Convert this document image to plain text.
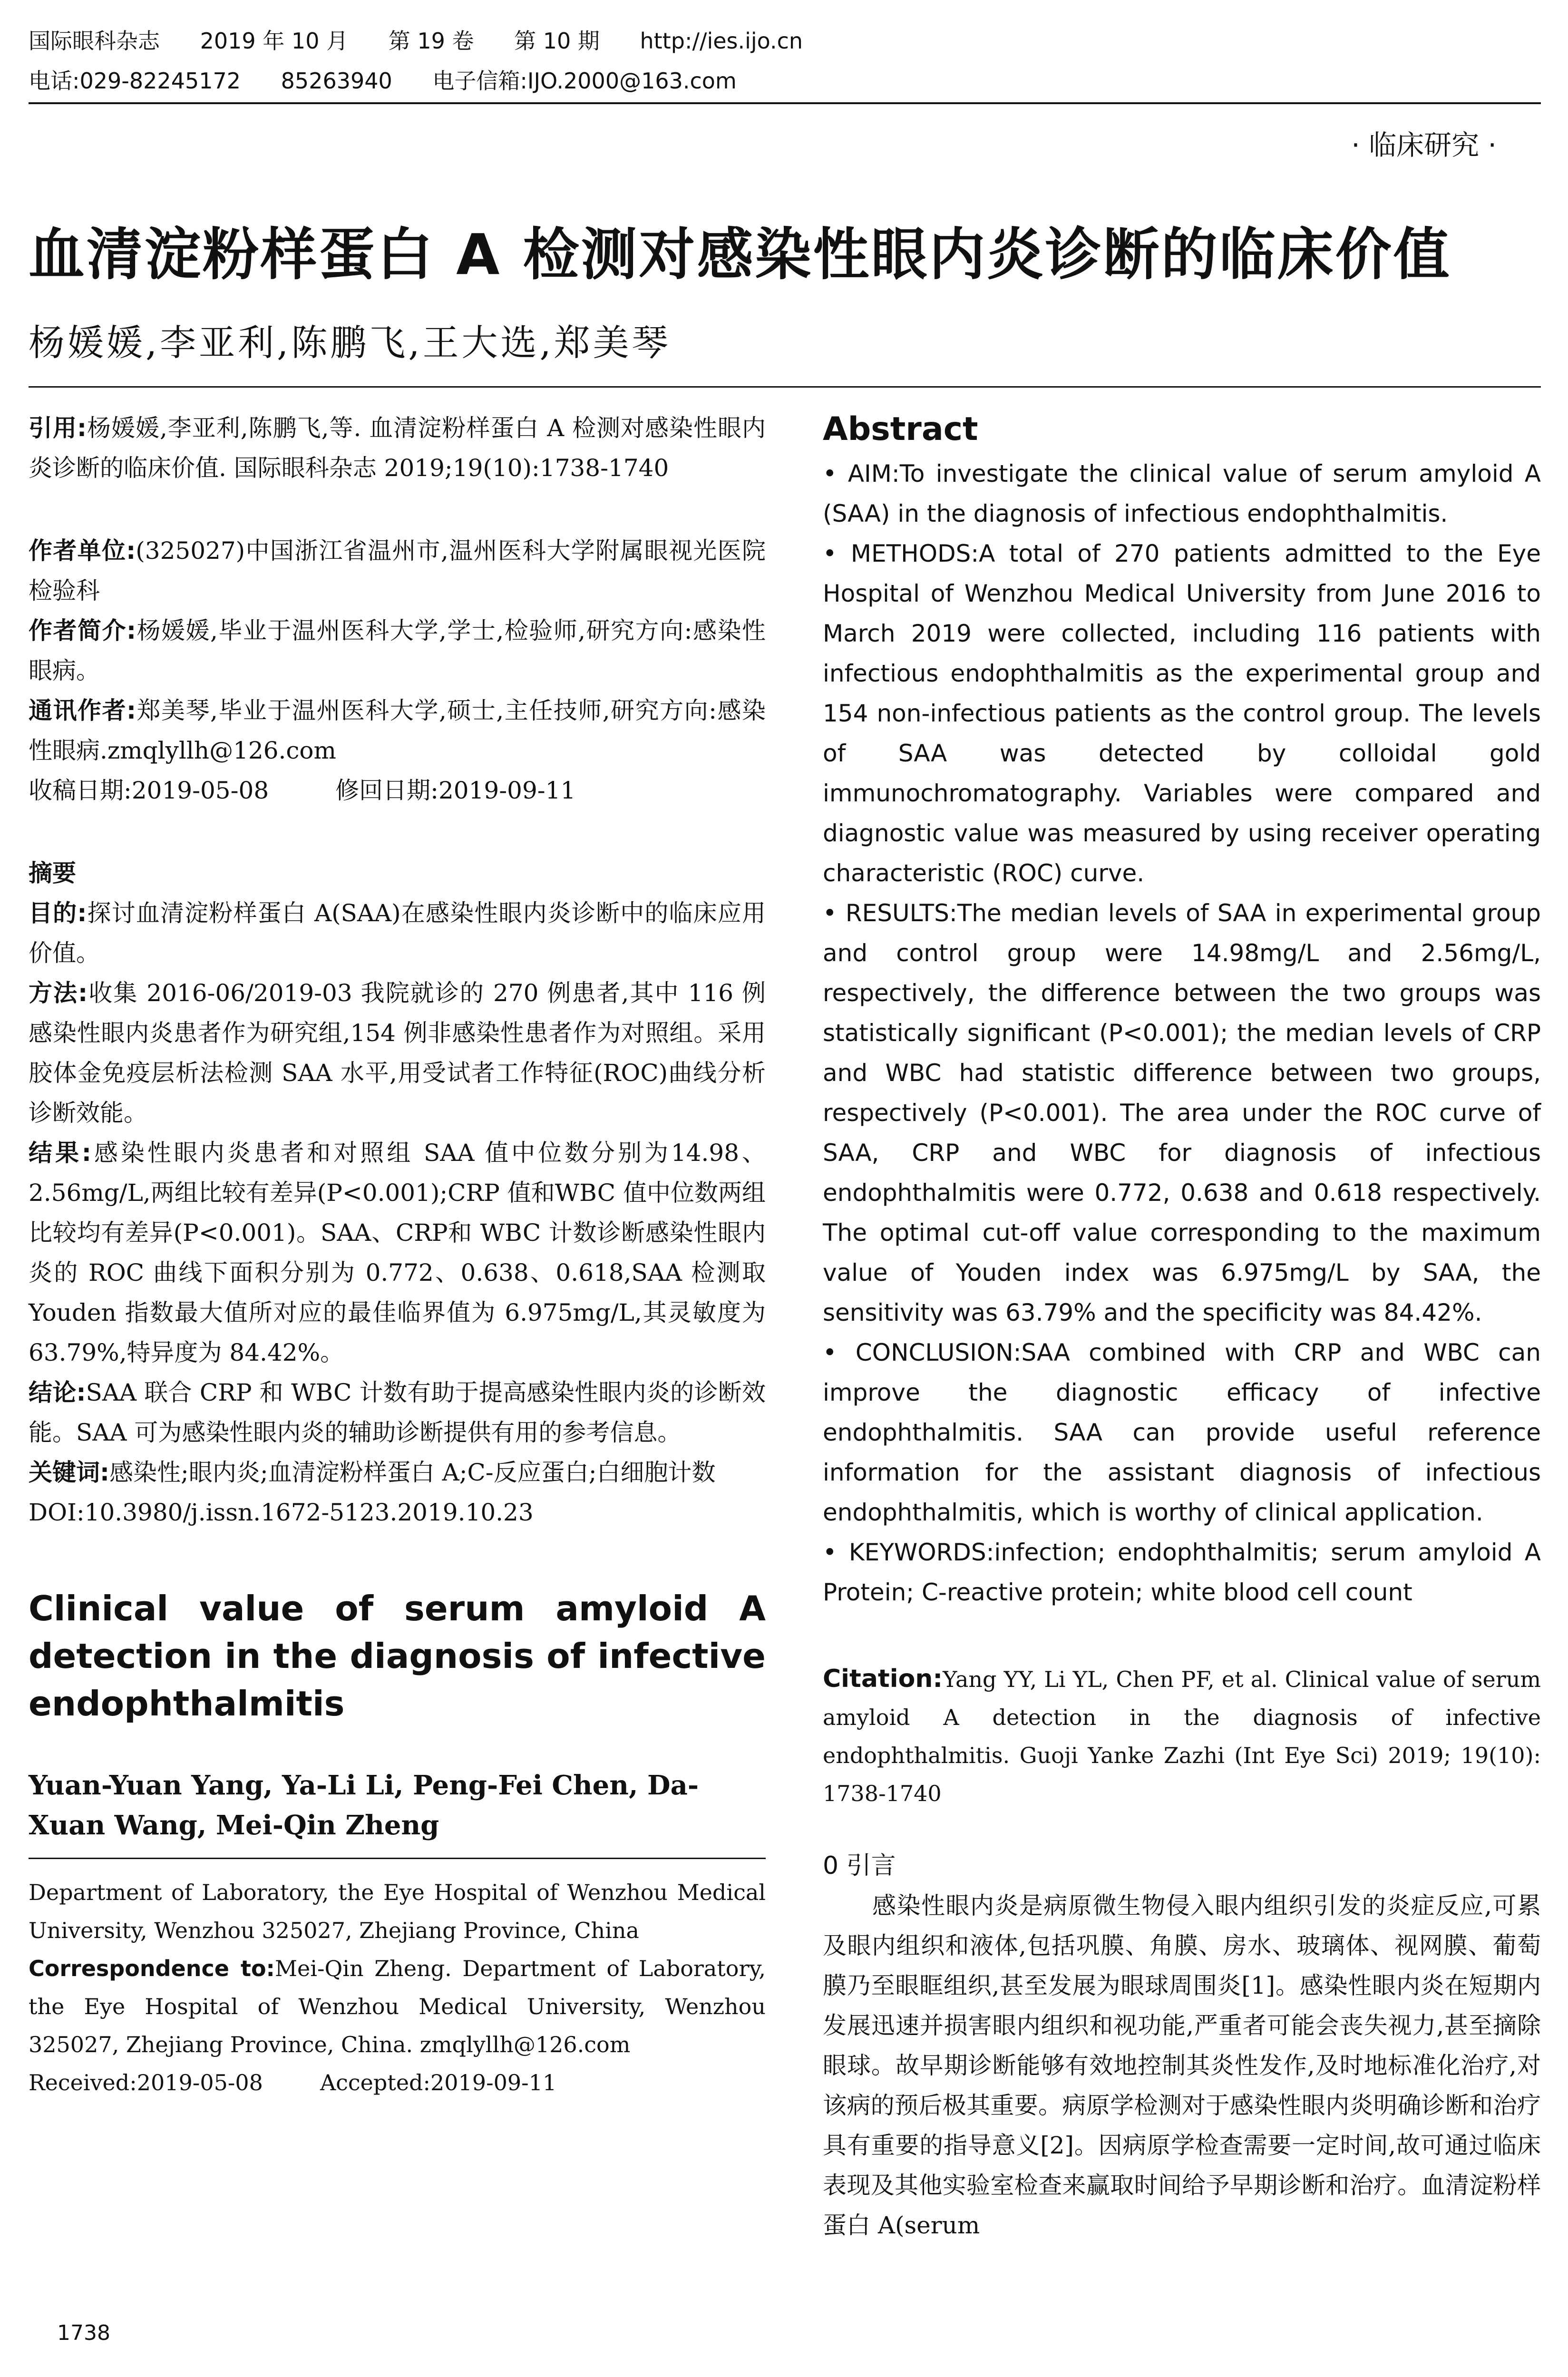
国际眼科杂志 2019 年 10 月 第 19 卷 第 10 期 http://ies.ijo.cn
电话:029-82245172 85263940 电子信箱:IJO.2000@163.com
· 临床研究 ·
血清淀粉样蛋白 A 检测对感染性眼内炎诊断的临床价值
杨媛媛,李亚利,陈鹏飞,王大选,郑美琴

引用:杨媛媛,李亚利,陈鹏飞,等. 血清淀粉样蛋白 A 检测对感染性眼内炎诊断的临床价值. 国际眼科杂志 2019;19(10):1738-1740

作者单位:(325027)中国浙江省温州市,温州医科大学附属眼视光医院检验科

作者简介:杨媛媛,毕业于温州医科大学,学士,检验师,研究方向:感染性眼病。

通讯作者:郑美琴,毕业于温州医科大学,硕士,主任技师,研究方向:感染性眼病.zmqlyllh@126.com

收稿日期:2019-05-08	修回日期:2019-09-11

摘要

目的:探讨血清淀粉样蛋白 A(SAA)在感染性眼内炎诊断中的临床应用价值。

方法:收集 2016-06/2019-03 我院就诊的 270 例患者,其中 116 例感染性眼内炎患者作为研究组,154 例非感染性患者作为对照组。采用胶体金免疫层析法检测 SAA 水平,用受试者工作特征(ROC)曲线分析诊断效能。

结果:感染性眼内炎患者和对照组 SAA 值中位数分别为14.98、2.56mg/L,两组比较有差异(P<0.001);CRP 值和WBC 值中位数两组比较均有差异(P<0.001)。SAA、CRP和 WBC 计数诊断感染性眼内炎的 ROC 曲线下面积分别为 0.772、0.638、0.618,SAA 检测取 Youden 指数最大值所对应的最佳临界值为 6.975mg/L,其灵敏度为 63.79%,特异度为 84.42%。

结论:SAA 联合 CRP 和 WBC 计数有助于提高感染性眼内炎的诊断效能。SAA 可为感染性眼内炎的辅助诊断提供有用的参考信息。

关键词:感染性;眼内炎;血清淀粉样蛋白 A;C-反应蛋白;白细胞计数

DOI:10.3980/j.issn.1672-5123.2019.10.23

Clinical value of serum amyloid A detection in the diagnosis of infective endophthalmitis

Yuan-Yuan Yang, Ya-Li Li, Peng-Fei Chen, Da-Xuan Wang, Mei-Qin Zheng

Department of Laboratory, the Eye Hospital of Wenzhou Medical University, Wenzhou 325027, Zhejiang Province, China

Correspondence to:Mei-Qin Zheng. Department of Laboratory, the Eye Hospital of Wenzhou Medical University, Wenzhou 325027, Zhejiang Province, China. zmqlyllh@126.com

Received:2019-05-08	Accepted:2019-09-11

Abstract

• AIM:To investigate the clinical value of serum amyloid A (SAA) in the diagnosis of infectious endophthalmitis.

• METHODS:A total of 270 patients admitted to the Eye Hospital of Wenzhou Medical University from June 2016 to March 2019 were collected, including 116 patients with infectious endophthalmitis as the experimental group and 154 non-infectious patients as the control group. The levels of SAA was detected by colloidal gold immunochromatography. Variables were compared and diagnostic value was measured by using receiver operating characteristic (ROC) curve.

• RESULTS:The median levels of SAA in experimental group and control group were 14.98mg/L and 2.56mg/L, respectively, the difference between the two groups was statistically significant (P<0.001); the median levels of CRP and WBC had statistic difference between two groups, respectively (P<0.001). The area under the ROC curve of SAA, CRP and WBC for diagnosis of infectious endophthalmitis were 0.772, 0.638 and 0.618 respectively. The optimal cut-off value corresponding to the maximum value of Youden index was 6.975mg/L by SAA, the sensitivity was 63.79% and the specificity was 84.42%.

• CONCLUSION:SAA combined with CRP and WBC can improve the diagnostic efficacy of infective endophthalmitis. SAA can provide useful reference information for the assistant diagnosis of infectious endophthalmitis, which is worthy of clinical application.

• KEYWORDS:infection; endophthalmitis; serum amyloid A Protein; C-reactive protein; white blood cell count

Citation:Yang YY, Li YL, Chen PF, et al. Clinical value of serum amyloid A detection in the diagnosis of infective endophthalmitis. Guoji Yanke Zazhi (Int Eye Sci) 2019; 19(10): 1738-1740

0 引言

感染性眼内炎是病原微生物侵入眼内组织引发的炎症反应,可累及眼内组织和液体,包括巩膜、角膜、房水、玻璃体、视网膜、葡萄膜乃至眼眶组织,甚至发展为眼球周围炎[1]。感染性眼内炎在短期内发展迅速并损害眼内组织和视功能,严重者可能会丧失视力,甚至摘除眼球。故早期诊断能够有效地控制其炎性发作,及时地标准化治疗,对该病的预后极其重要。病原学检测对于感染性眼内炎明确诊断和治疗具有重要的指导意义[2]。因病原学检查需要一定时间,故可通过临床表现及其他实验室检查来赢取时间给予早期诊断和治疗。血清淀粉样蛋白 A(serum

1738
